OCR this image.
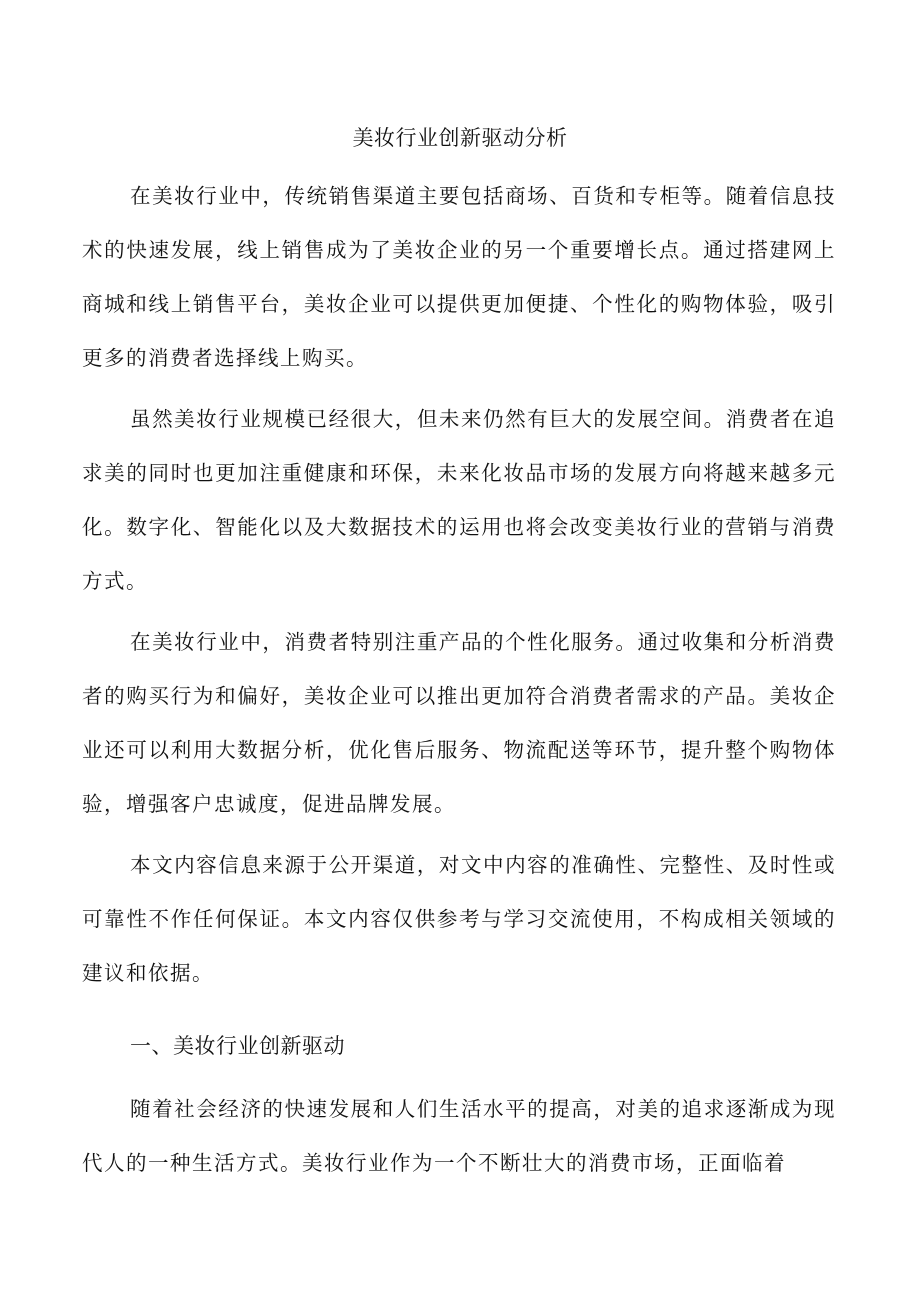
美妆行业创新驱动分析

在美妆行业中，传统销售渠道主要包括商场、百货和专柜等。随着信息技术的快速发展，线上销售成为了美妆企业的另一个重要增长点。通过搭建网上商城和线上销售平台，美妆企业可以提供更加便捷、个性化的购物体验，吸引更多的消费者选择线上购买。

虽然美妆行业规模已经很大，但未来仍然有巨大的发展空间。消费者在追求美的同时也更加注重健康和环保，未来化妆品市场的发展方向将越来越多元化。数字化、智能化以及大数据技术的运用也将会改变美妆行业的营销与消费方式。

在美妆行业中，消费者特别注重产品的个性化服务。通过收集和分析消费者的购买行为和偏好，美妆企业可以推出更加符合消费者需求的产品。美妆企业还可以利用大数据分析，优化售后服务、物流配送等环节，提升整个购物体验，增强客户忠诚度，促进品牌发展。

本文内容信息来源于公开渠道，对文中内容的准确性、完整性、及时性或可靠性不作任何保证。本文内容仅供参考与学习交流使用，不构成相关领域的建议和依据。

一、美妆行业创新驱动

随着社会经济的快速发展和人们生活水平的提高，对美的追求逐渐成为现代人的一种生活方式。美妆行业作为一个不断壮大的消费市场，正面临着
